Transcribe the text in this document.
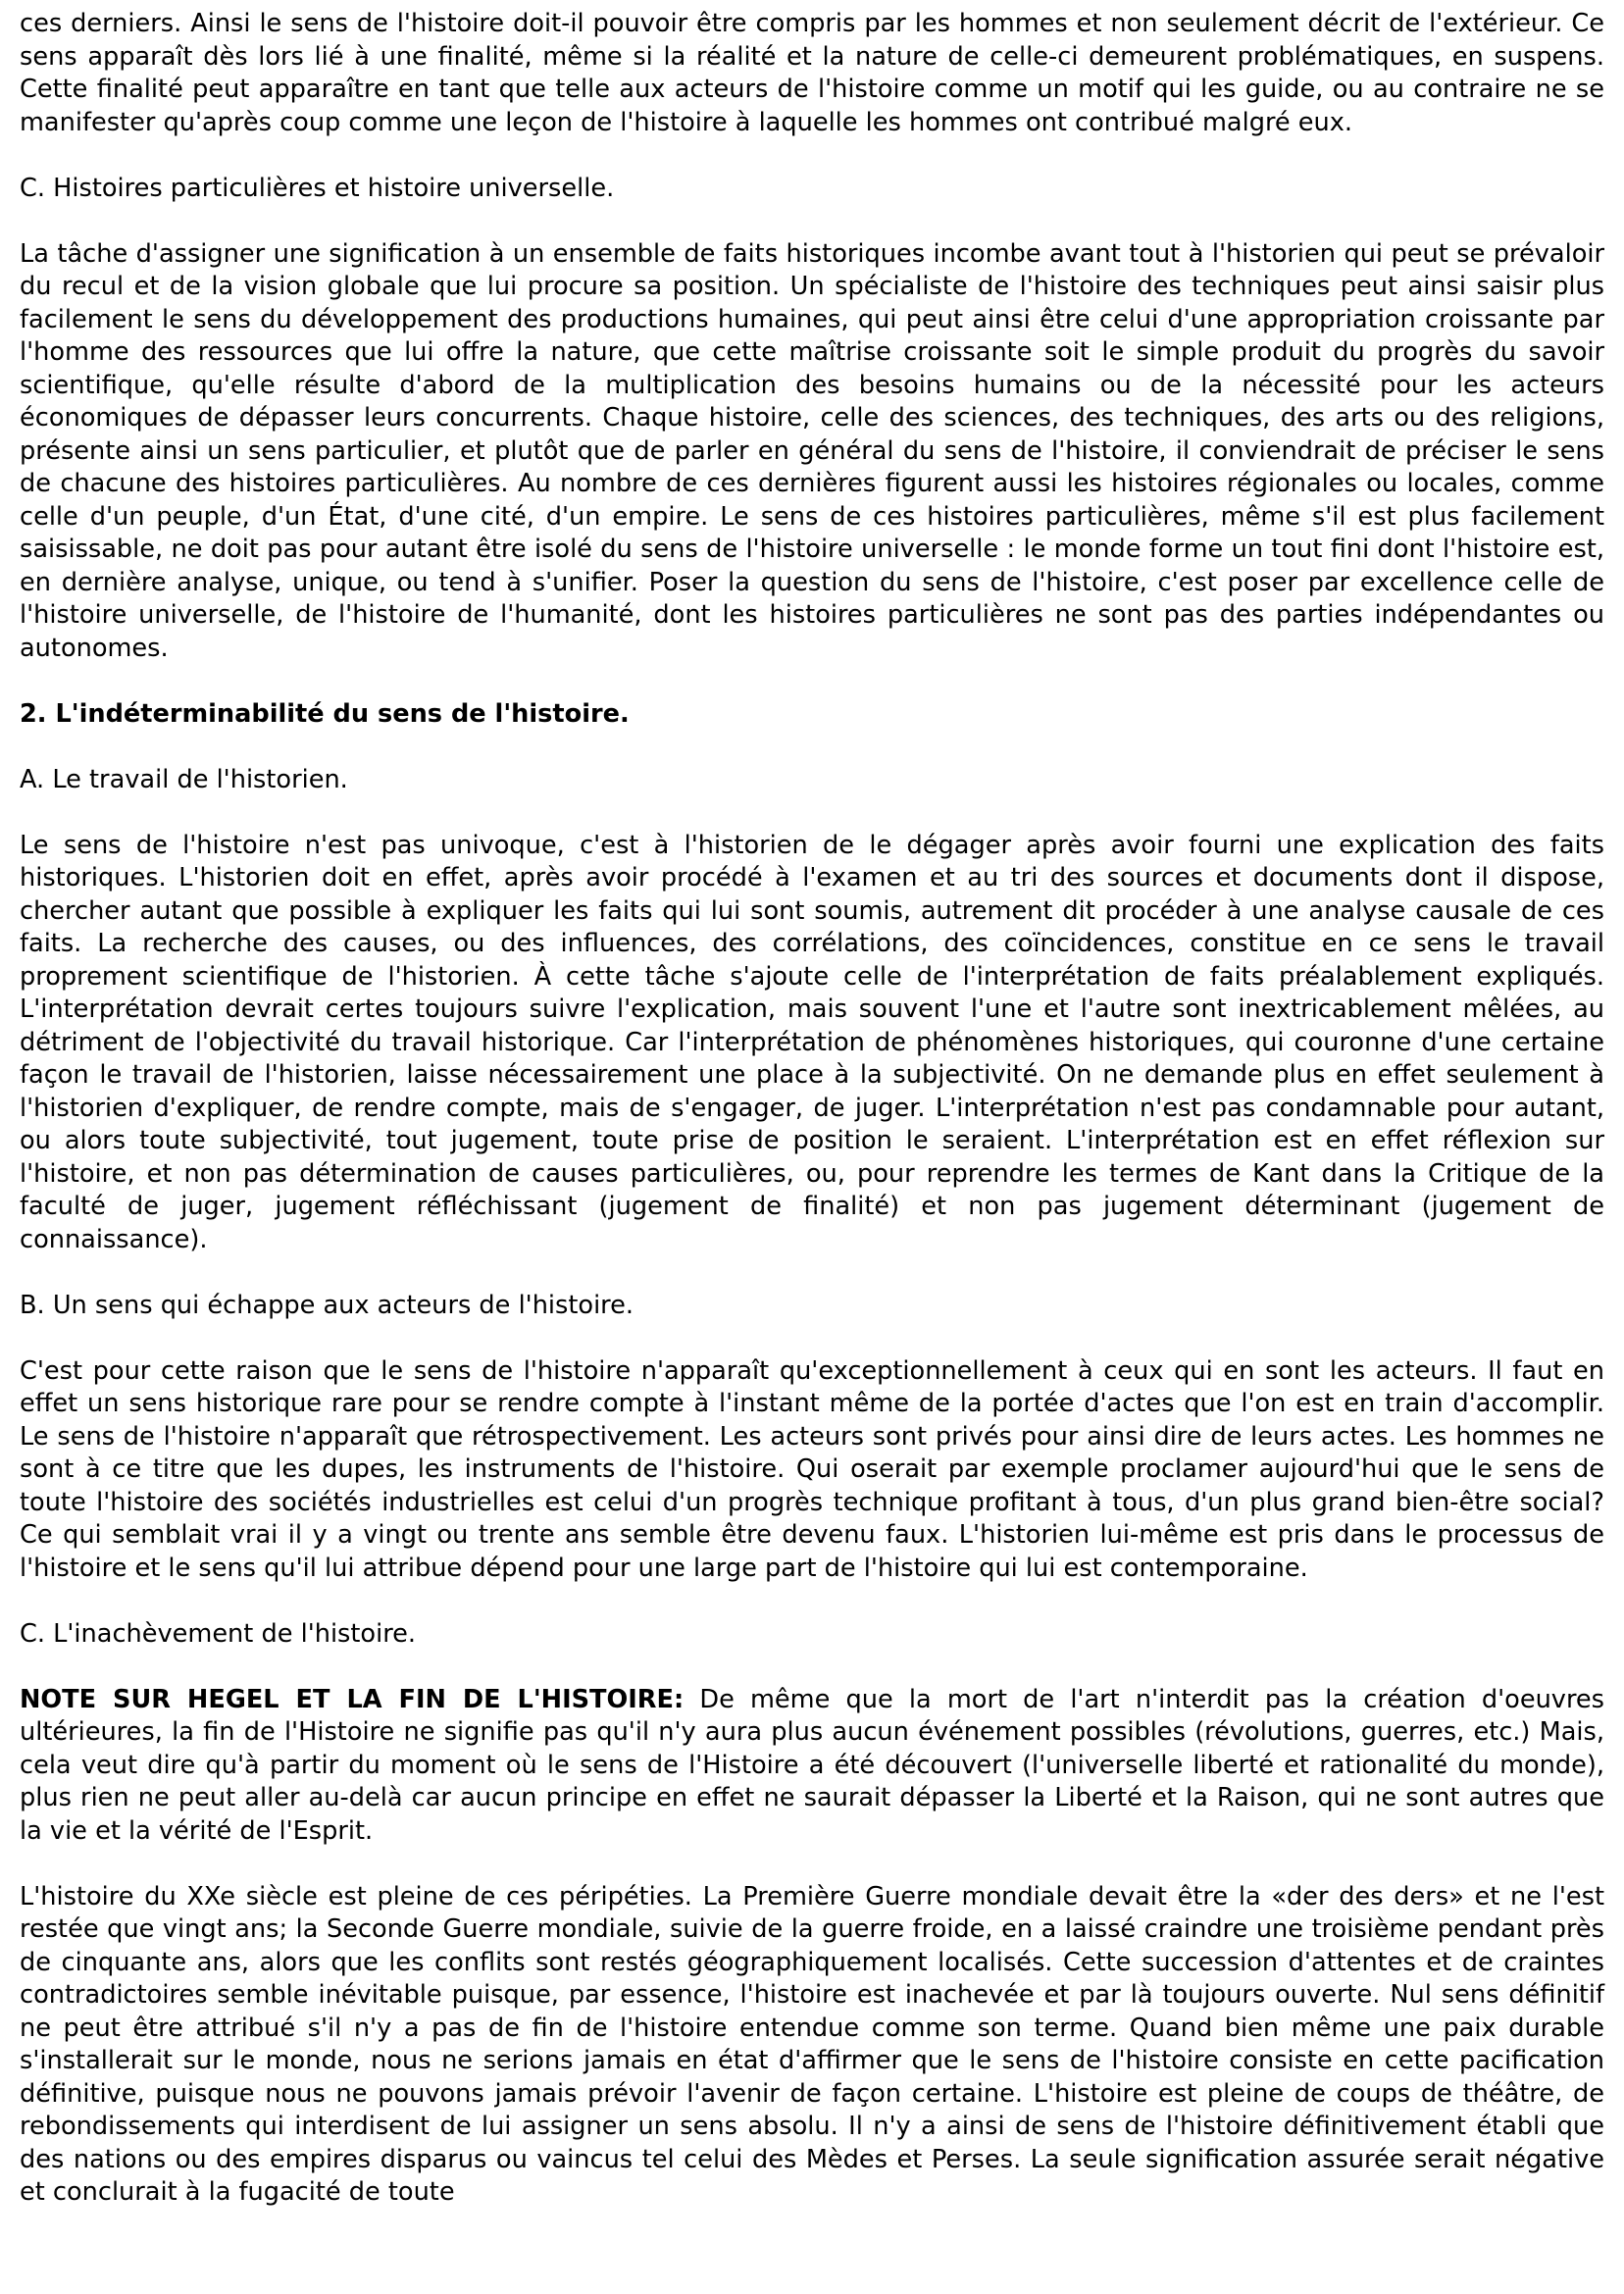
ces derniers. Ainsi le sens de l'histoire doit-il pouvoir être compris par les hommes et non seulement décrit de l'extérieur. Ce sens apparaît dès lors lié à une finalité, même si la réalité et la nature de celle-ci demeurent problématiques, en suspens. Cette finalité peut apparaître en tant que telle aux acteurs de l'histoire comme un motif qui les guide, ou au contraire ne se manifester qu'après coup comme une leçon de l'histoire à laquelle les hommes ont contribué malgré eux.

C. Histoires particulières et histoire universelle.

La tâche d'assigner une signification à un ensemble de faits historiques incombe avant tout à l'historien qui peut se prévaloir du recul et de la vision globale que lui procure sa position. Un spécialiste de l'histoire des techniques peut ainsi saisir plus facilement le sens du développement des productions humaines, qui peut ainsi être celui d'une appropriation croissante par l'homme des ressources que lui offre la nature, que cette maîtrise croissante soit le simple produit du progrès du savoir scientifique, qu'elle résulte d'abord de la multiplication des besoins humains ou de la nécessité pour les acteurs économiques de dépasser leurs concurrents. Chaque histoire, celle des sciences, des techniques, des arts ou des religions, présente ainsi un sens particulier, et plutôt que de parler en général du sens de l'histoire, il conviendrait de préciser le sens de chacune des histoires particulières. Au nombre de ces dernières figurent aussi les histoires régionales ou locales, comme celle d'un peuple, d'un État, d'une cité, d'un empire. Le sens de ces histoires particulières, même s'il est plus facilement saisissable, ne doit pas pour autant être isolé du sens de l'histoire universelle : le monde forme un tout fini dont l'histoire est, en dernière analyse, unique, ou tend à s'unifier. Poser la question du sens de l'histoire, c'est poser par excellence celle de l'histoire universelle, de l'histoire de l'humanité, dont les histoires particulières ne sont pas des parties indépendantes ou autonomes.

2. L'indéterminabilité du sens de l'histoire.

A. Le travail de l'historien.

Le sens de l'histoire n'est pas univoque, c'est à l'historien de le dégager après avoir fourni une explication des faits historiques. L'historien doit en effet, après avoir procédé à l'examen et au tri des sources et documents dont il dispose, chercher autant que possible à expliquer les faits qui lui sont soumis, autrement dit procéder à une analyse causale de ces faits. La recherche des causes, ou des influences, des corrélations, des coïncidences, constitue en ce sens le travail proprement scientifique de l'historien. À cette tâche s'ajoute celle de l'interprétation de faits préalablement expliqués. L'interprétation devrait certes toujours suivre l'explication, mais souvent l'une et l'autre sont inextricablement mêlées, au détriment de l'objectivité du travail historique. Car l'interprétation de phénomènes historiques, qui couronne d'une certaine façon le travail de l'historien, laisse nécessairement une place à la subjectivité. On ne demande plus en effet seulement à l'historien d'expliquer, de rendre compte, mais de s'engager, de juger. L'interprétation n'est pas condamnable pour autant, ou alors toute subjectivité, tout jugement, toute prise de position le seraient. L'interprétation est en effet réflexion sur l'histoire, et non pas détermination de causes particulières, ou, pour reprendre les termes de Kant dans la Critique de la faculté de juger, jugement réfléchissant (jugement de finalité) et non pas jugement déterminant (jugement de connaissance).

B. Un sens qui échappe aux acteurs de l'histoire.

C'est pour cette raison que le sens de l'histoire n'apparaît qu'exceptionnellement à ceux qui en sont les acteurs. Il faut en effet un sens historique rare pour se rendre compte à l'instant même de la portée d'actes que l'on est en train d'accomplir. Le sens de l'histoire n'apparaît que rétrospectivement. Les acteurs sont privés pour ainsi dire de leurs actes. Les hommes ne sont à ce titre que les dupes, les instruments de l'histoire. Qui oserait par exemple proclamer aujourd'hui que le sens de toute l'histoire des sociétés industrielles est celui d'un progrès technique profitant à tous, d'un plus grand bien-être social? Ce qui semblait vrai il y a vingt ou trente ans semble être devenu faux. L'historien lui-même est pris dans le processus de l'histoire et le sens qu'il lui attribue dépend pour une large part de l'histoire qui lui est contemporaine.

C. L'inachèvement de l'histoire.

NOTE SUR HEGEL ET LA FIN DE L'HISTOIRE: De même que la mort de l'art n'interdit pas la création d'oeuvres ultérieures, la fin de l'Histoire ne signifie pas qu'il n'y aura plus aucun événement possibles (révolutions, guerres, etc.) Mais, cela veut dire qu'à partir du moment où le sens de l'Histoire a été découvert (l'universelle liberté et rationalité du monde), plus rien ne peut aller au-delà car aucun principe en effet ne saurait dépasser la Liberté et la Raison, qui ne sont autres que la vie et la vérité de l'Esprit.

L'histoire du XXe siècle est pleine de ces péripéties. La Première Guerre mondiale devait être la «der des ders» et ne l'est restée que vingt ans; la Seconde Guerre mondiale, suivie de la guerre froide, en a laissé craindre une troisième pendant près de cinquante ans, alors que les conflits sont restés géographiquement localisés. Cette succession d'attentes et de craintes contradictoires semble inévitable puisque, par essence, l'histoire est inachevée et par là toujours ouverte. Nul sens définitif ne peut être attribué s'il n'y a pas de fin de l'histoire entendue comme son terme. Quand bien même une paix durable s'installerait sur le monde, nous ne serions jamais en état d'affirmer que le sens de l'histoire consiste en cette pacification définitive, puisque nous ne pouvons jamais prévoir l'avenir de façon certaine. L'histoire est pleine de coups de théâtre, de rebondissements qui interdisent de lui assigner un sens absolu. Il n'y a ainsi de sens de l'histoire définitivement établi que des nations ou des empires disparus ou vaincus tel celui des Mèdes et Perses. La seule signification assurée serait négative et conclurait à la fugacité de toute
